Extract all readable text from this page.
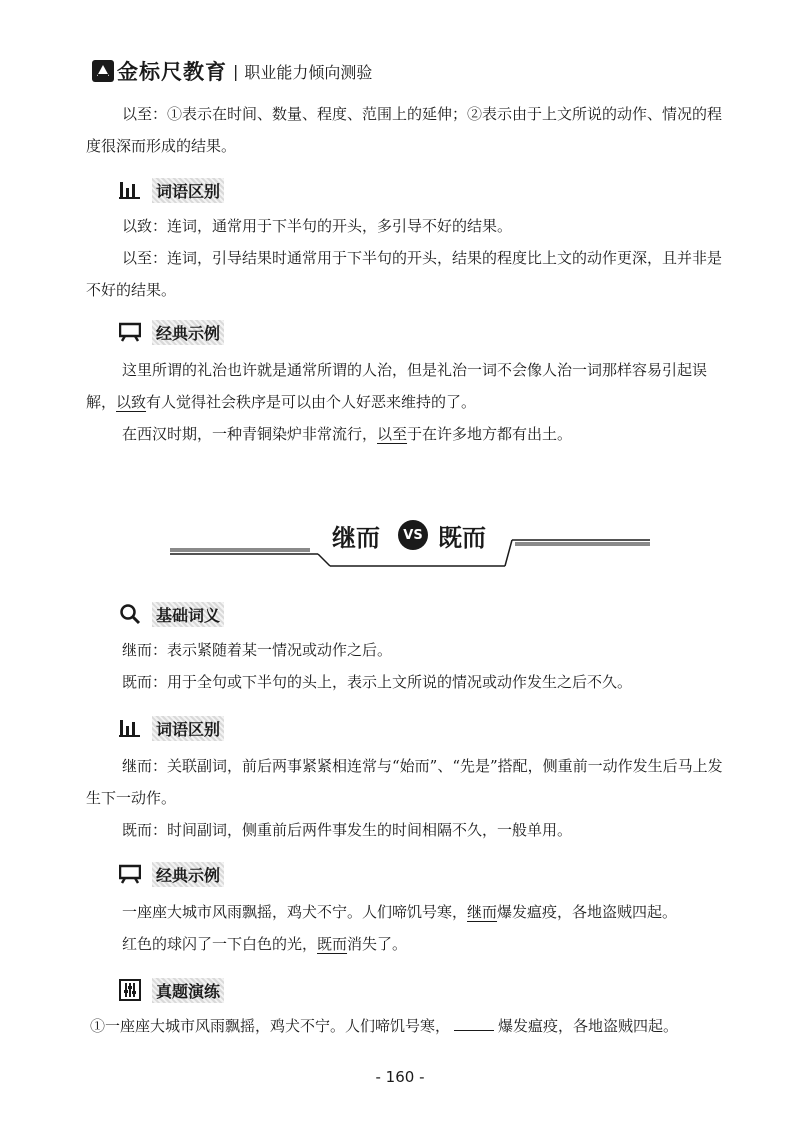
金标尺教育 | 职业能力倾向测验

以至：①表示在时间、数量、程度、范围上的延伸；②表示由于上文所说的动作、情况的程度很深而形成的结果。

词语区别

以致：连词，通常用于下半句的开头，多引导不好的结果。

以至：连词，引导结果时通常用于下半句的开头，结果的程度比上文的动作更深，且并非是不好的结果。

经典示例

这里所谓的礼治也许就是通常所谓的人治，但是礼治一词不会像人治一词那样容易引起误解，以致有人觉得社会秩序是可以由个人好恶来维持的了。

在西汉时期，一种青铜染炉非常流行，以至于在许多地方都有出土。

继而	VS 既而
基础词义

继而：表示紧随着某一情况或动作之后。

既而：用于全句或下半句的头上，表示上文所说的情况或动作发生之后不久。

词语区别

继而：关联副词，前后两事紧紧相连常与“始而”、“先是”搭配，侧重前一动作发生后马上发生下一动作。

既而：时间副词，侧重前后两件事发生的时间相隔不久，一般单用。

经典示例

一座座大城市风雨飘摇，鸡犬不宁。人们啼饥号寒，继而爆发瘟疫，各地盗贼四起。

红色的球闪了一下白色的光，既而消失了。

真题演练

①一座座大城市风雨飘摇，鸡犬不宁。人们啼饥号寒，	爆发瘟疫，各地盗贼四起。

- 160 -
